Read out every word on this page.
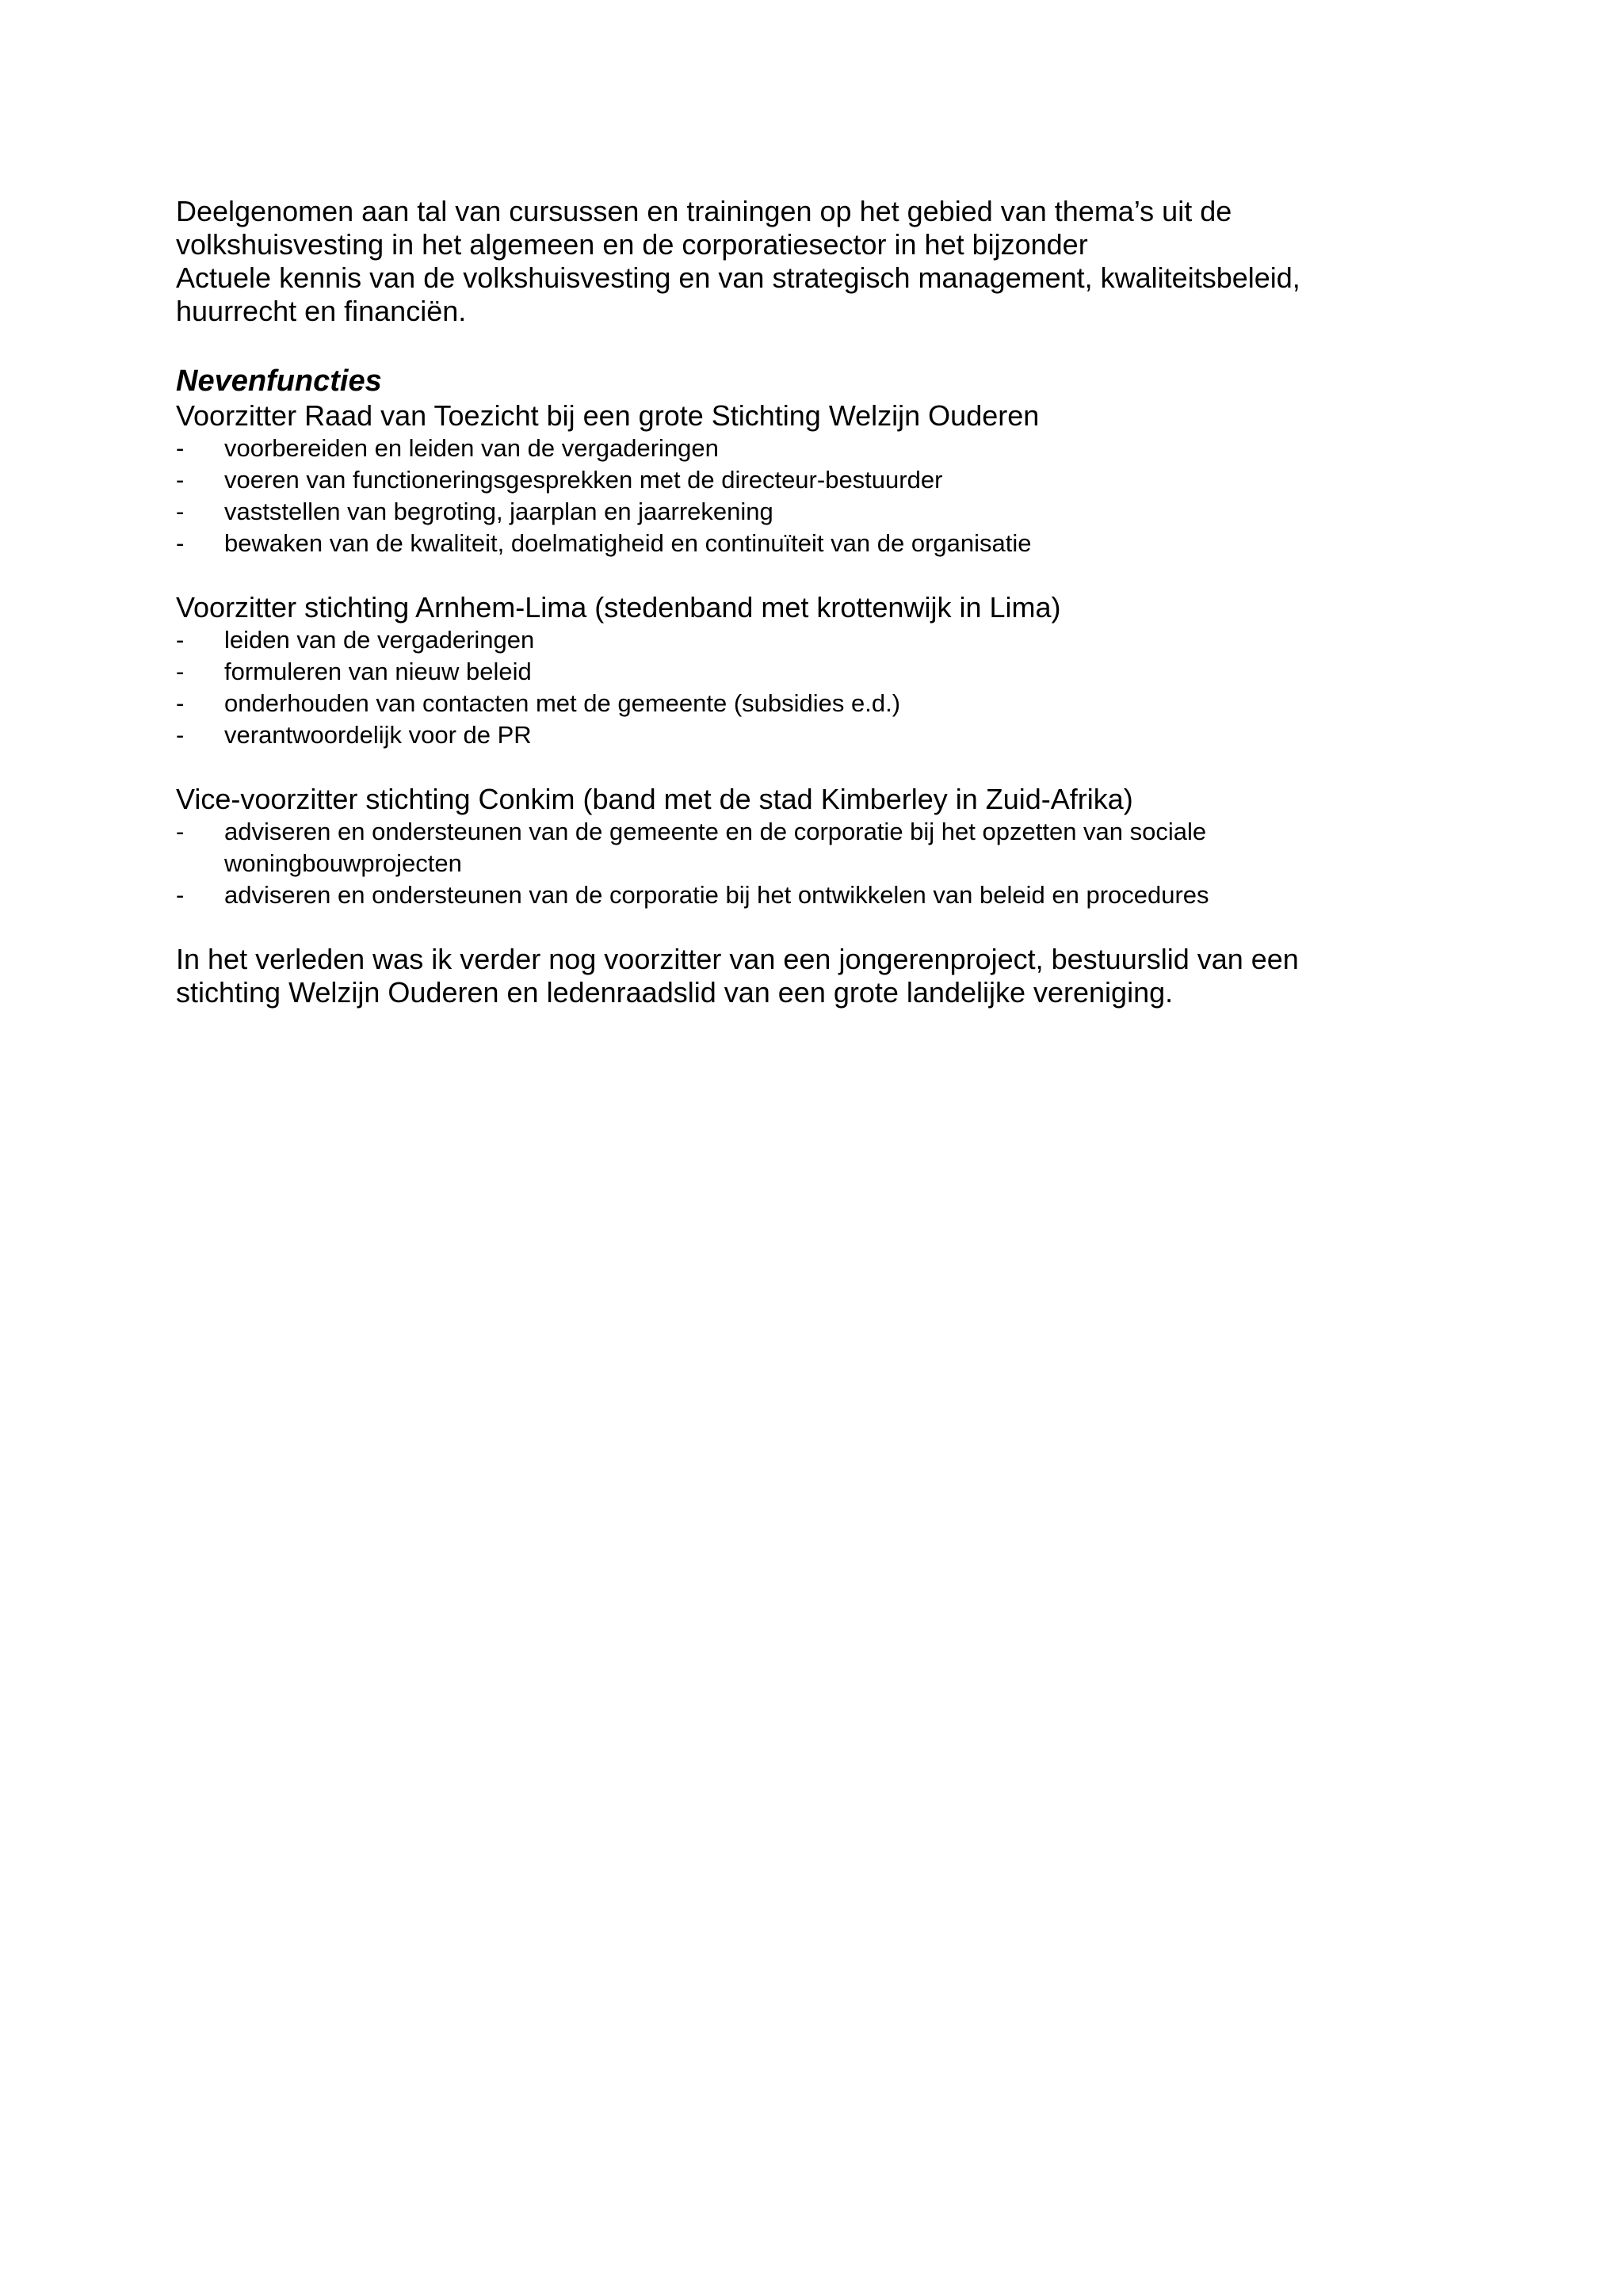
Deelgenomen aan tal van cursussen en trainingen op het gebied van thema’s uit de

volkshuisvesting in het algemeen en de corporatiesector in het bijzonder

Actuele kennis van de volkshuisvesting en van strategisch management, kwaliteitsbeleid,

huurrecht en financiën.

Nevenfuncties

Voorzitter Raad van Toezicht bij een grote Stichting Welzijn Ouderen

- voorbereiden en leiden van de vergaderingen
- voeren van functioneringsgesprekken met de directeur-bestuurder
- vaststellen van begroting, jaarplan en jaarrekening
- bewaken van de kwaliteit, doelmatigheid en continuïteit van de organisatie

Voorzitter stichting Arnhem-Lima (stedenband met krottenwijk in Lima)

- leiden van de vergaderingen
- formuleren van nieuw beleid
- onderhouden van contacten met de gemeente (subsidies e.d.)
- verantwoordelijk voor de PR

Vice-voorzitter stichting Conkim (band met de stad Kimberley in Zuid-Afrika)

- adviseren en ondersteunen van de gemeente en de corporatie bij het opzetten van sociale
woningbouwprojecten
- adviseren en ondersteunen van de corporatie bij het ontwikkelen van beleid en procedures

In het verleden was ik verder nog voorzitter van een jongerenproject, bestuurslid van een

stichting Welzijn Ouderen en ledenraadslid van een grote landelijke vereniging.
